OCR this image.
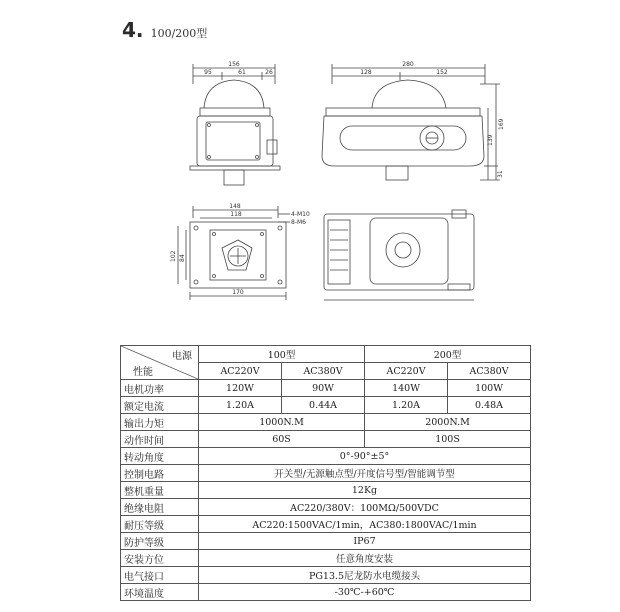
4. 100/200型
156
95	61	26
280
128	152
169
139
31
148
118	4-M10
8-M6
102 84
170
电源
性能	100型		200型	
	AC220V	AC380V	AC220V	AC380V
电机功率	120W	90W	140W	100W
额定电流	1.20A	0.44A	1.20A	0.48A
输出力矩	1000N.M		2000N.M	
动作时间	60S		100S	
转动角度	0°-90°±5°			
控制电路	开关型/无源触点型/开度信号型/智能调节型			
整机重量	12Kg			
绝缘电阻	AC220/380V：100MΩ/500VDC			
耐压等级	AC220:1500VAC/1min，AC380:1800VAC/1min			
防护等级	IP67			
安装方位	任意角度安装			
电气接口	PG13.5尼龙防水电缆接头			
环境温度	-30℃-+60℃			
